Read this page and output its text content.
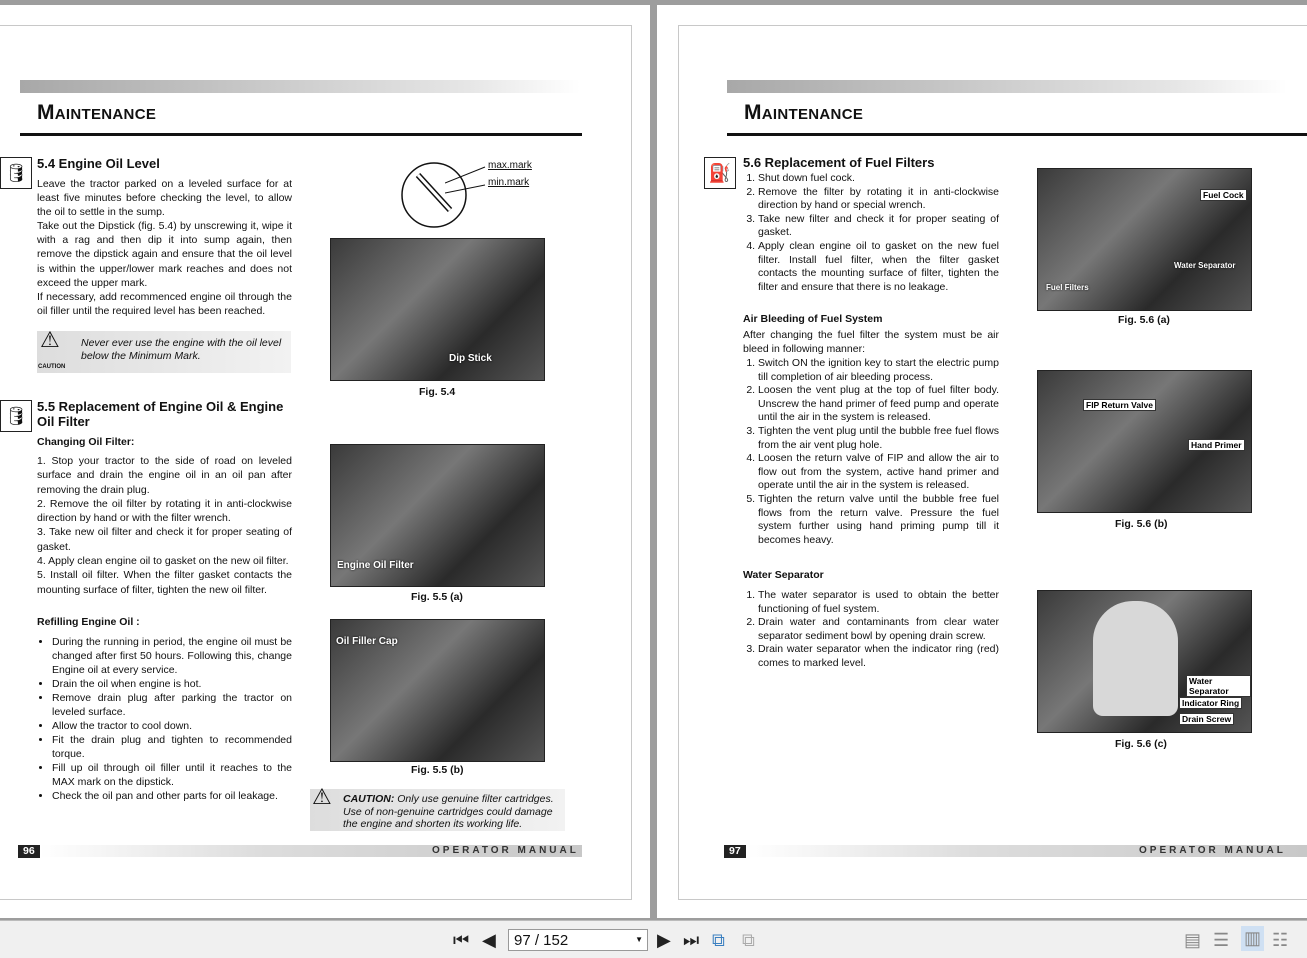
Maintenance
🛢 5.4 Engine Oil Level
Leave the tractor parked on a leveled surface for at least five minutes before checking the level, to allow the oil to settle in the sump.
Take out the Dipstick (fig. 5.4) by unscrewing it, wipe it with a rag and then dip it into sump again, then remove the dipstick again and ensure that the oil level is within the upper/lower mark reaches and does not exceed the upper mark.
If necessary, add recommenced engine oil through the oil filler until the required level has been reached.
⚠
CAUTION
Never ever use the engine with the oil level below the Minimum Mark.
max.mark
min.mark
Dip Stick
Fig. 5.4
🛢 5.5 Replacement of Engine Oil & Engine Oil Filter
Changing Oil Filter:
1. Stop your tractor to the side of road on leveled surface and drain the engine oil in an oil pan after removing the drain plug.
2. Remove the oil filter by rotating it in anti-clockwise direction by hand or with the filter wrench.
3. Take new oil filter and check it for proper seating of gasket.
4. Apply clean engine oil to gasket on the new oil filter.
5. Install oil filter. When the filter gasket contacts the mounting surface of filter, tighten the new oil filter.
Refilling Engine Oil :
• During the running in period, the engine oil must be changed after first 50 hours. Following this, change Engine oil at every service.
• Drain the oil when engine is hot.
• Remove drain plug after parking the tractor on leveled surface.
• Allow the tractor to cool down.
• Fit the drain plug and tighten to recommended torque.
• Fill up oil through oil filler until it reaches to the MAX mark on the dipstick.
• Check the oil pan and other parts for oil leakage.
Engine Oil Filter
Fig. 5.5 (a)
Oil Filler Cap
Fig. 5.5 (b)
⚠ CAUTION: Only use genuine filter cartridges. Use of non-genuine cartridges could damage the engine and shorten its working life.
96	OPERATOR MANUAL
Maintenance
⛽ 5.6 Replacement of Fuel Filters
1. Shut down fuel cock.
2. Remove the filter by rotating it in anti-clockwise direction by hand or special wrench.
3. Take new filter and check it for proper seating of gasket.
4. Apply clean engine oil to gasket on the new fuel filter. Install fuel filter, when the filter gasket contacts the mounting surface of filter, tighten the filter and ensure that there is no leakage.
Air Bleeding of Fuel System
After changing the fuel filter the system must be air bleed in following manner:
1. Switch ON the ignition key to start the electric pump till completion of air bleeding process.
2. Loosen the vent plug at the top of fuel filter body. Unscrew the hand primer of feed pump and operate until the air in the system is released.
3. Tighten the vent plug until the bubble free fuel flows from the air vent plug hole.
4. Loosen the return valve of FIP and allow the air to flow out from the system, active hand primer and operate until the air in the system is released.
5. Tighten the return valve until the bubble free fuel flows from the return valve. Pressure the fuel system further using hand priming pump till it becomes heavy.
Water Separator
1. The water separator is used to obtain the better functioning of fuel system.
2. Drain water and contaminants from clear water separator sediment bowl by opening drain screw.
3. Drain water separator when the indicator ring (red) comes to marked level.
Fuel Cock
Water Separator
Fuel Filters
Fig. 5.6 (a)
FIP Return Valve
Hand Primer
Fig. 5.6 (b)
Water Separator
Indicator Ring
Drain Screw
Fig. 5.6 (c)
97	OPERATOR MANUAL
⏮ ◀	97 / 152	▼ ▶ ⏭ ⧉ ⧉	▤ ☰ ▥ ☷
